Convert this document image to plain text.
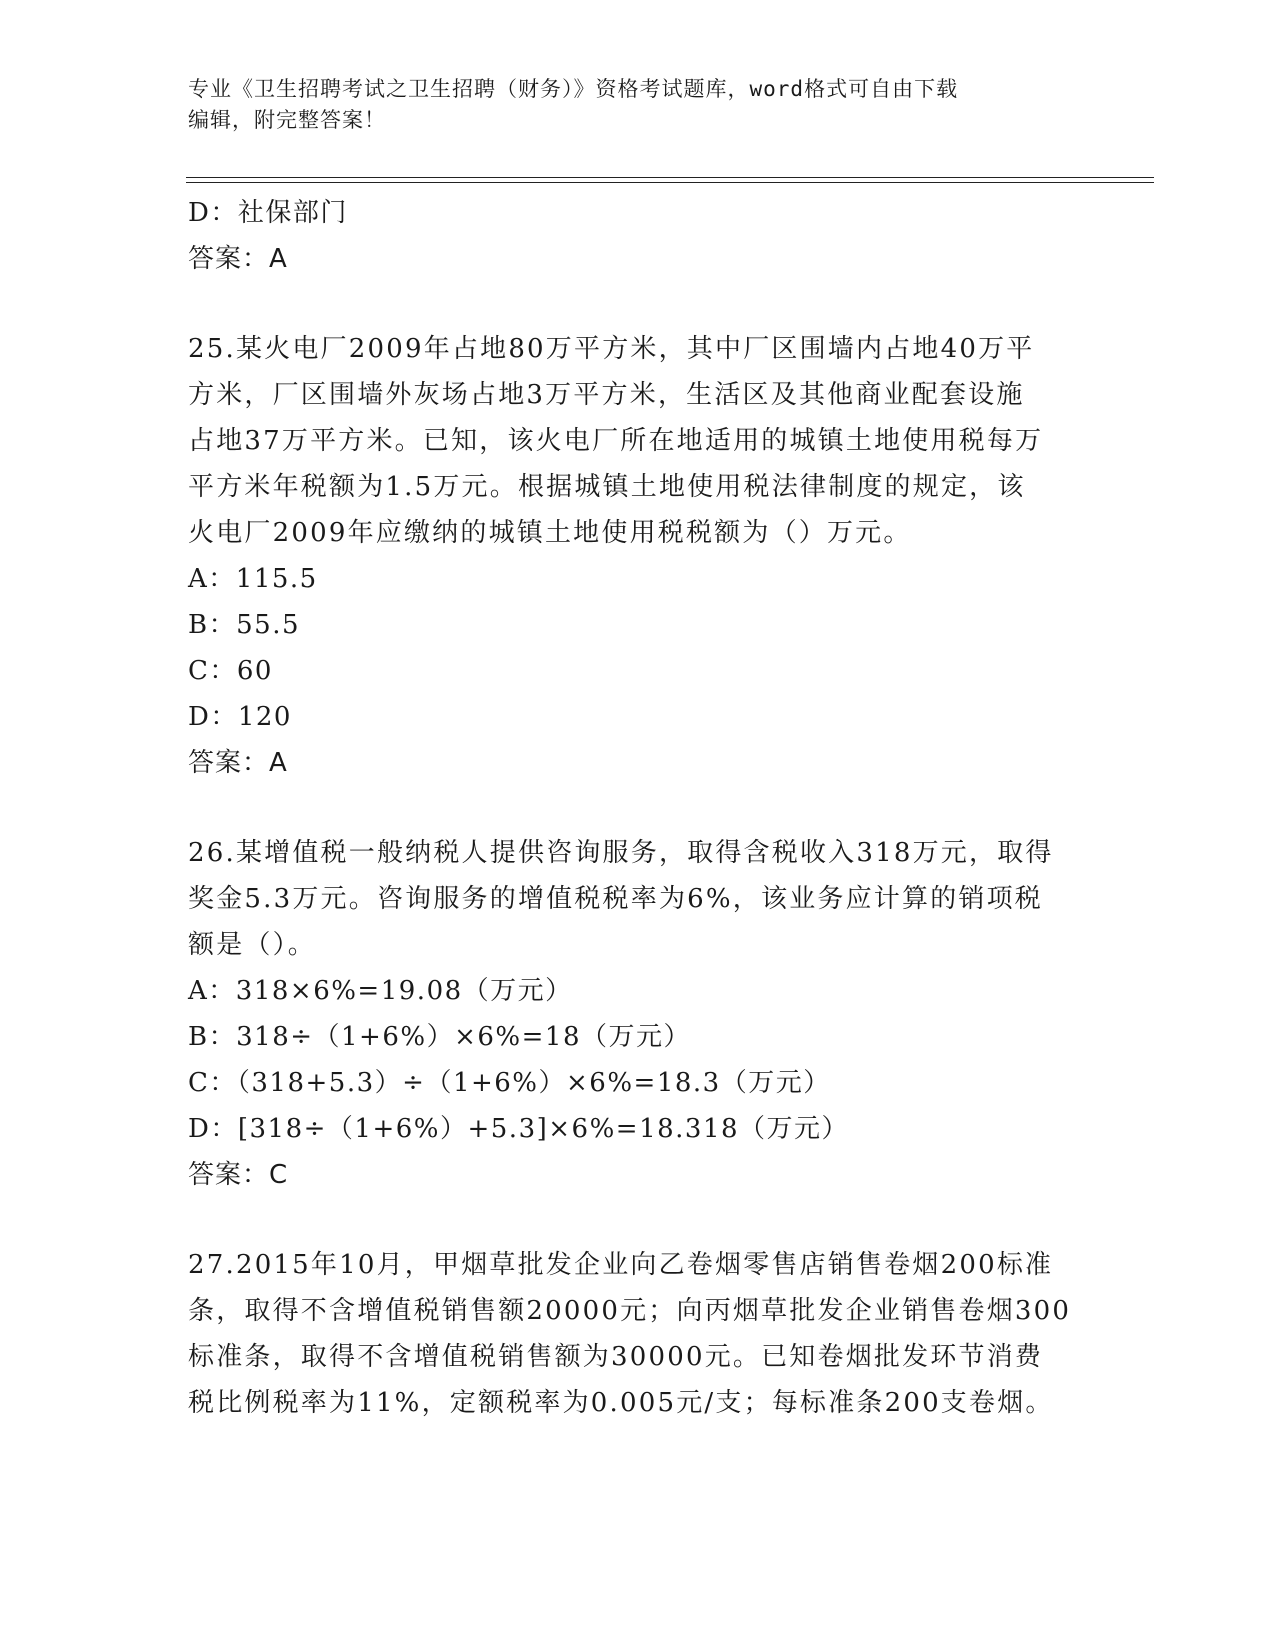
专业《卫生招聘考试之卫生招聘（财务）》资格考试题库，word格式可自由下载
编辑，附完整答案！
D：社保部门
答案：A
25.某火电厂2009年占地80万平方米，其中厂区围墙内占地40万平
方米，厂区围墙外灰场占地3万平方米，生活区及其他商业配套设施
占地37万平方米。已知，该火电厂所在地适用的城镇土地使用税每万
平方米年税额为1.5万元。根据城镇土地使用税法律制度的规定，该
火电厂2009年应缴纳的城镇土地使用税税额为（）万元。
A：115.5
B：55.5
C：60
D：120
答案：A
26.某增值税一般纳税人提供咨询服务，取得含税收入318万元，取得
奖金5.3万元。咨询服务的增值税税率为6%，该业务应计算的销项税
额是（）。
A：318×6%=19.08（万元）
B：318÷（1+6%）×6%=18（万元）
C：（318+5.3）÷（1+6%）×6%=18.3（万元）
D：[318÷（1+6%）+5.3]×6%=18.318（万元）
答案：C
27.2015年10月，甲烟草批发企业向乙卷烟零售店销售卷烟200标准
条，取得不含增值税销售额20000元；向丙烟草批发企业销售卷烟300
标准条，取得不含增值税销售额为30000元。已知卷烟批发环节消费
税比例税率为11%，定额税率为0.005元/支；每标准条200支卷烟。
